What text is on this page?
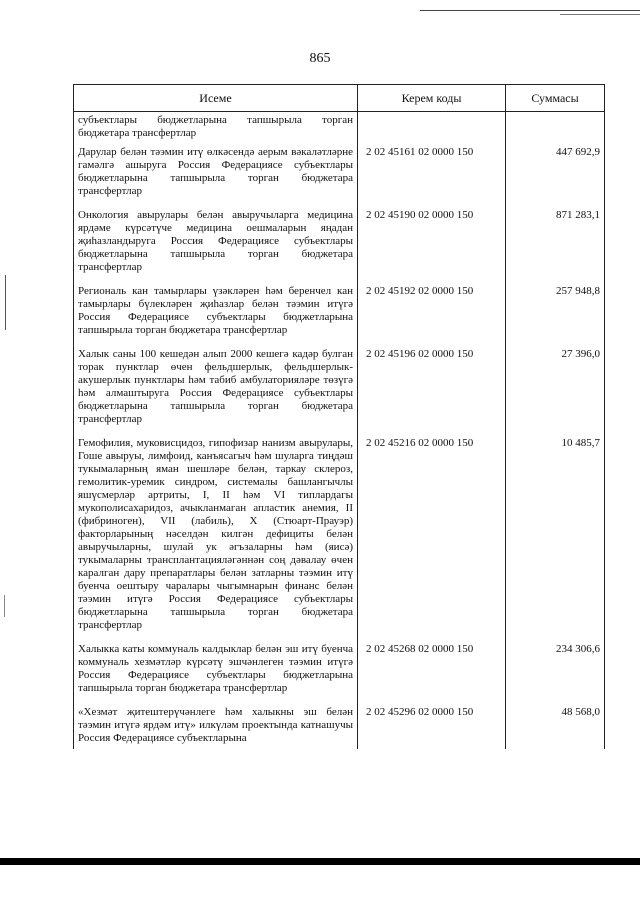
865
Исеме	Керем коды	Суммасы
субъектлары бюджетларына тапшырыла торган бюджетара трансфертлар		
Дарулар белән тәэмин итү өлкәсендә аерым вәкаләтләрне гамәлгә ашыруга Россия Федерациясе субъектлары бюджетларына тапшырыла торган бюджетара трансфертлар	2 02 45161 02 0000 150	447 692,9
Онкология авырулары белән авыручыларга медицина ярдәме күрсәтүче медицина оешмаларын яңадан җиһазландыруга Россия Федерациясе субъектлары бюджетларына тапшырыла торган бюджетара трансфертлар	2 02 45190 02 0000 150	871 283,1
Региональ кан тамырлары үзәкләрен һәм беренчел кан тамырлары бүлекләрен җиһазлар белән тәэмин итүгә Россия Федерациясе субъектлары бюджетларына тапшырыла торган бюджетара трансфертлар	2 02 45192 02 0000 150	257 948,8
Халык саны 100 кешедән алып 2000 кешегә кадәр булган торак пунктлар өчен фельдшерлык, фельдшерлык-акушерлык пунктлары һәм табиб амбулаторияләре төзүгә һәм алмаштыруга Россия Федерациясе субъектлары бюджетларына тапшырыла торган бюджетара трансфертлар	2 02 45196 02 0000 150	27 396,0
Гемофилия, муковисцидоз, гипофизар нанизм авырулары, Гоше авыруы, лимфоид, канъясагыч һәм шуларга тиңдәш тукымаларның яман шешләре белән, таркау склероз, гемолитик-уремик синдром, системалы башлангычлы яшүсмерләр артриты, I, II һәм VI типлардагы мукополисахаридоз, ачыкланмаган апластик анемия, II (фибриноген), VII (лабиль), X (Стюарт-Прауэр) факторларының нәселдән килгән дефициты белән авыручыларны, шулай ук әгъзаларны һәм (яисә) тукымаларны трансплантацияләгәннән соң дәвалау өчен каралган дару препаратлары белән затларны тәэмин итү буенча оештыру чаралары чыгымнарын финанс белән тәэмин итүгә Россия Федерациясе субъектлары бюджетларына тапшырыла торган бюджетара трансфертлар	2 02 45216 02 0000 150	10 485,7
Халыкка каты коммуналь калдыклар белән эш итү буенча коммуналь хезмәтләр күрсәтү эшчәнлеген тәэмин итүгә Россия Федерациясе субъектлары бюджетларына тапшырыла торган бюджетара трансфертлар	2 02 45268 02 0000 150	234 306,6
«Хезмәт җитештерүчәнлеге һәм халыкны эш белән тәэмин итүгә ярдәм итү» илкүләм проектында катнашучы Россия Федерациясе субъектларына	2 02 45296 02 0000 150	48 568,0
